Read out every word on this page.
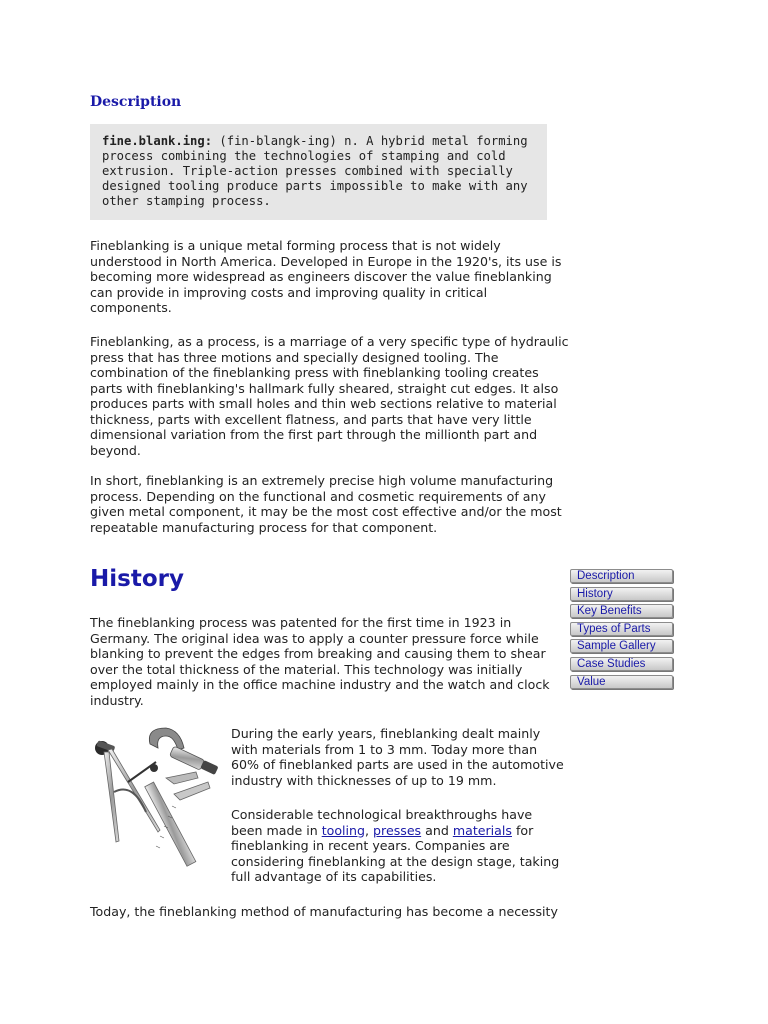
Description
fine.blank.ing: (fin-blangk-ing) n. A hybrid metal forming process combining the technologies of stamping and cold extrusion. Triple-action presses combined with specially designed tooling produce parts impossible to make with any other stamping process.

Fineblanking is a unique metal forming process that is not widely understood in North America. Developed in Europe in the 1920's, its use is becoming more widespread as engineers discover the value fineblanking can provide in improving costs and improving quality in critical components.

Fineblanking, as a process, is a marriage of a very specific type of hydraulic press that has three motions and specially designed tooling. The combination of the fineblanking press with fineblanking tooling creates parts with fineblanking's hallmark fully sheared, straight cut edges. It also produces parts with small holes and thin web sections relative to material thickness, parts with excellent flatness, and parts that have very little dimensional variation from the first part through the millionth part and beyond.

In short, fineblanking is an extremely precise high volume manufacturing process. Depending on the functional and cosmetic requirements of any given metal component, it may be the most cost effective and/or the most repeatable manufacturing process for that component.

History	Description
History
Key Benefits
Types of Parts
Sample Gallery
Case Studies
Value

The fineblanking process was patented for the first time in 1923 in Germany. The original idea was to apply a counter pressure force while blanking to prevent the edges from breaking and causing them to shear over the total thickness of the material. This technology was initially employed mainly in the office machine industry and the watch and clock industry.

During the early years, fineblanking dealt mainly with materials from 1 to 3 mm. Today more than 60% of fineblanked parts are used in the automotive industry with thicknesses of up to 19 mm.

Considerable technological breakthroughs have been made in tooling, presses and materials for fineblanking in recent years. Companies are considering fineblanking at the design stage, taking full advantage of its capabilities.

Today, the fineblanking method of manufacturing has become a necessity
